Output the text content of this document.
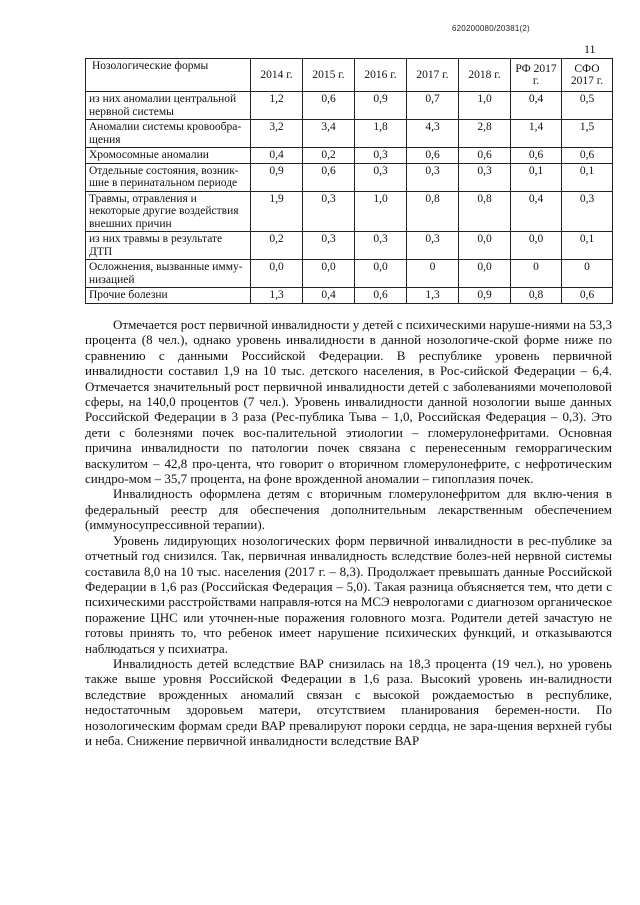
620200080/20381(2)
11
Нозологические формы	2014 г.	2015 г.	2016 г.	2017 г.	2018 г.	РФ 2017 г.	СФО 2017 г.
из них аномалии центральной нервной системы	1,2	0,6	0,9	0,7	1,0	0,4	0,5
Аномалии системы кровообра-щения	3,2	3,4	1,8	4,3	2,8	1,4	1,5
Хромосомные аномалии	0,4	0,2	0,3	0,6	0,6	0,6	0,6
Отдельные состояния, возник-шие в перинатальном периоде	0,9	0,6	0,3	0,3	0,3	0,1	0,1
Травмы, отравления и некоторые другие воздействия внешних причин	1,9	0,3	1,0	0,8	0,8	0,4	0,3
из них травмы в результате ДТП	0,2	0,3	0,3	0,3	0,0	0,0	0,1
Осложнения, вызванные имму-низацией	0,0	0,0	0,0	0	0,0	0	0
Прочие болезни	1,3	0,4	0,6	1,3	0,9	0,8	0,6

Отмечается рост первичной инвалидности у детей с психическими наруше-ниями на 53,3 процента (8 чел.), однако уровень инвалидности в данной нозологиче-ской форме ниже по сравнению с данными Российской Федерации. В республике уровень первичной инвалидности составил 1,9 на 10 тыс. детского населения, в Рос-сийской Федерации – 6,4. Отмечается значительный рост первичной инвалидности детей с заболеваниями мочеполовой сферы, на 140,0 процентов (7 чел.). Уровень инвалидности данной нозологии выше данных Российской Федерации в 3 раза (Рес-публика Тыва – 1,0, Российская Федерация – 0,3). Это дети с болезнями почек вос-палительной этиологии – гломерулонефритами. Основная причина инвалидности по патологии почек связана с перенесенным геморрагическим васкулитом – 42,8 про-цента, что говорит о вторичном гломерулонефрите, с нефротическим синдро-мом – 35,7 процента, на фоне врожденной аномалии – гипоплазия почек.

Инвалидность оформлена детям с вторичным гломерулонефритом для вклю-чения в федеральный реестр для обеспечения дополнительным лекарственным обеспечением (иммуносупрессивной терапии).

Уровень лидирующих нозологических форм первичной инвалидности в рес-публике за отчетный год снизился. Так, первичная инвалидность вследствие болез-ней нервной системы составила 8,0 на 10 тыс. населения (2017 г. – 8,3). Продолжает превышать данные Российской Федерации в 1,6 раз (Российская Федерация – 5,0). Такая разница объясняется тем, что дети с психическими расстройствами направля-ются на МСЭ неврологами с диагнозом органическое поражение ЦНС или уточнен-ные поражения головного мозга. Родители детей зачастую не готовы принять то, что ребенок имеет нарушение психических функций, и отказываются наблюдаться у психиатра.

Инвалидность детей вследствие ВАР снизилась на 18,3 процента (19 чел.), но уровень также выше уровня Российской Федерации в 1,6 раза. Высокий уровень ин-валидности вследствие врожденных аномалий связан с высокой рождаемостью в республике, недостаточным здоровьем матери, отсутствием планирования беремен-ности. По нозологическим формам среди ВАР превалируют пороки сердца, не зара-щения верхней губы и неба. Снижение первичной инвалидности вследствие ВАР
